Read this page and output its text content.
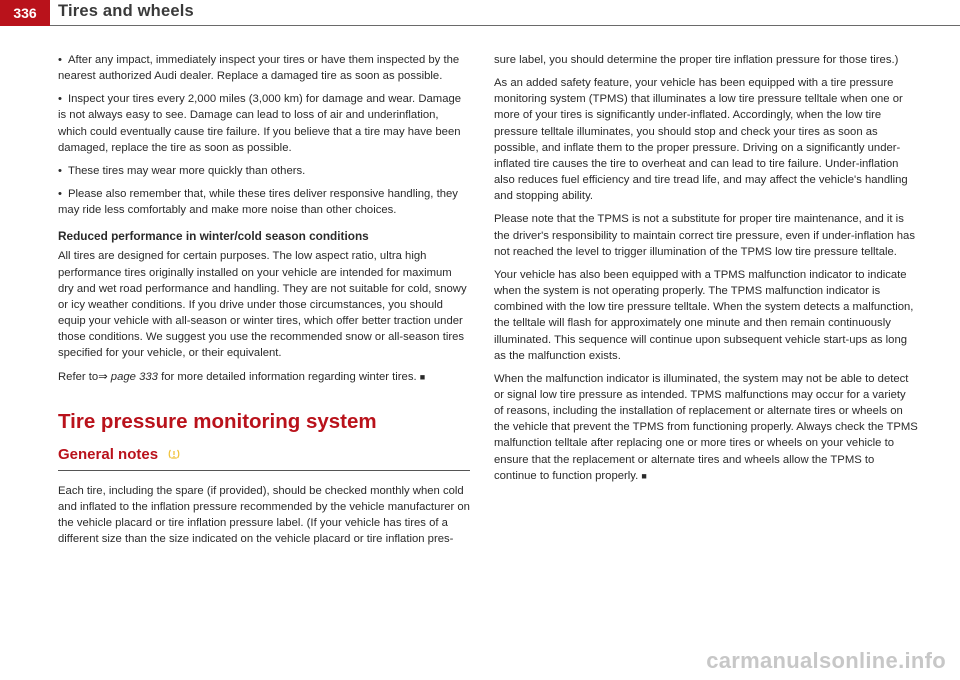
336	Tires and wheels

• After any impact, immediately inspect your tires or have them inspected by the nearest authorized Audi dealer. Replace a damaged tire as soon as possible.

• Inspect your tires every 2,000 miles (3,000 km) for damage and wear. Damage is not always easy to see. Damage can lead to loss of air and underinflation, which could eventually cause tire failure. If you believe that a tire may have been damaged, replace the tire as soon as possible.

• These tires may wear more quickly than others.

• Please also remember that, while these tires deliver responsive handling, they may ride less comfortably and make more noise than other choices.

Reduced performance in winter/cold season conditions

All tires are designed for certain purposes. The low aspect ratio, ultra high performance tires originally installed on your vehicle are intended for maximum dry and wet road performance and handling. They are not suitable for cold, snowy or icy weather conditions. If you drive under those circumstances, you should equip your vehicle with all-season or winter tires, which offer better traction under those conditions. We suggest you use the recommended snow or all-season tires specified for your vehicle, or their equivalent.

Refer to⇒ page 333 for more detailed information regarding winter tires. ■

Tire pressure monitoring system
General notes

Each tire, including the spare (if provided), should be checked monthly when cold and inflated to the inflation pressure recommended by the vehicle manufacturer on the vehicle placard or tire inflation pressure label. (If your vehicle has tires of a different size than the size indicated on the vehicle placard or tire inflation pres-

sure label, you should determine the proper tire inflation pressure for those tires.)

As an added safety feature, your vehicle has been equipped with a tire pressure monitoring system (TPMS) that illuminates a low tire pressure telltale when one or more of your tires is significantly under-inflated. Accordingly, when the low tire pressure telltale illuminates, you should stop and check your tires as soon as possible, and inflate them to the proper pressure. Driving on a significantly under-inflated tire causes the tire to overheat and can lead to tire failure. Under-inflation also reduces fuel efficiency and tire tread life, and may affect the vehicle's handling and stopping ability.

Please note that the TPMS is not a substitute for proper tire maintenance, and it is the driver's responsibility to maintain correct tire pressure, even if under-inflation has not reached the level to trigger illumination of the TPMS low tire pressure telltale.

Your vehicle has also been equipped with a TPMS malfunction indicator to indicate when the system is not operating properly. The TPMS malfunction indicator is combined with the low tire pressure telltale. When the system detects a malfunction, the telltale will flash for approximately one minute and then remain continuously illuminated. This sequence will continue upon subsequent vehicle start-ups as long as the malfunction exists.

When the malfunction indicator is illuminated, the system may not be able to detect or signal low tire pressure as intended. TPMS malfunctions may occur for a variety of reasons, including the installation of replacement or alternate tires or wheels on the vehicle that prevent the TPMS from functioning properly. Always check the TPMS malfunction telltale after replacing one or more tires or wheels on your vehicle to ensure that the replacement or alternate tires and wheels allow the TPMS to continue to function properly. ■

carmanualsonline.info
